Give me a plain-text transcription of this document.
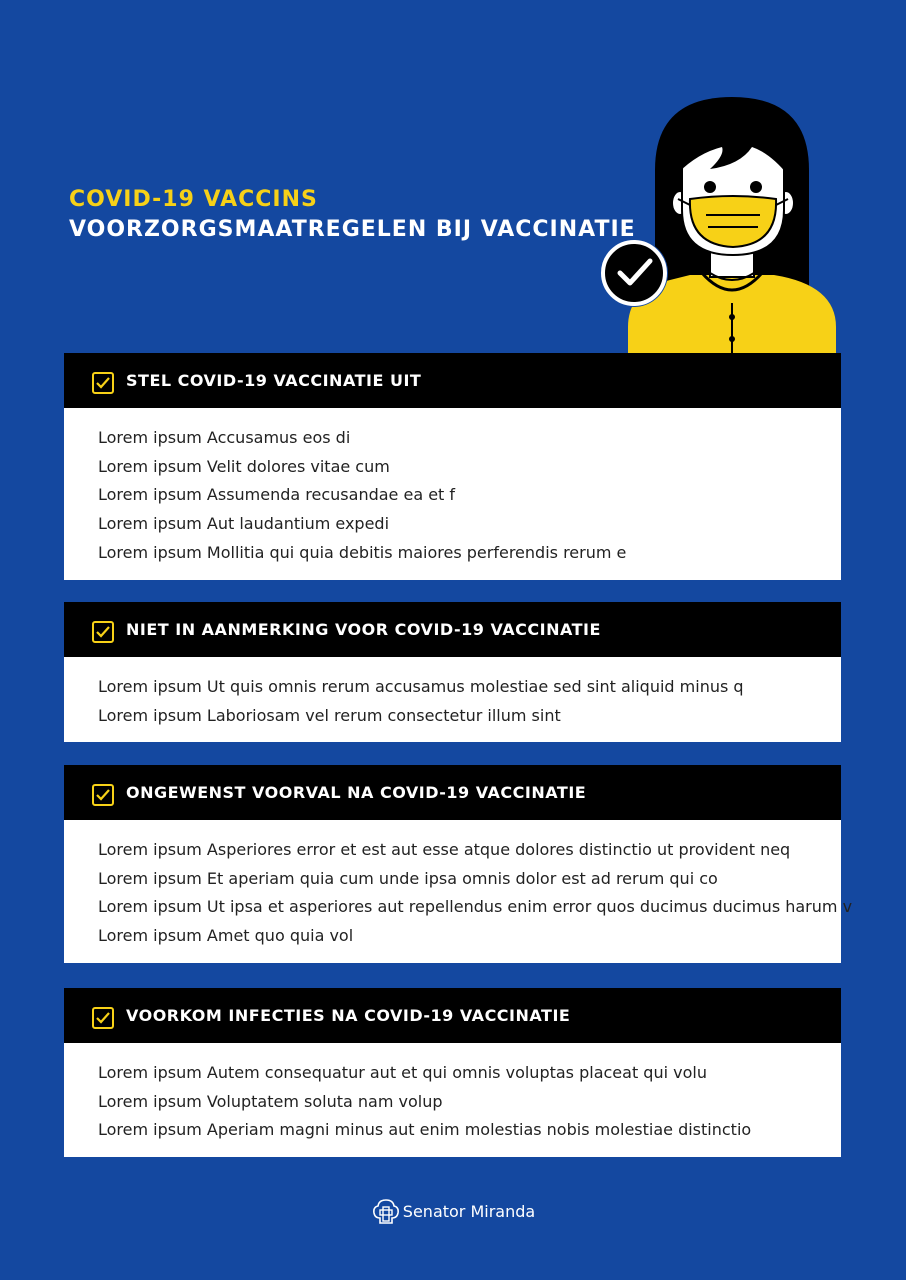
COVID-19 VACCINS
VOORZORGSMAATREGELEN BIJ VACCINATIE
STEL COVID-19 VACCINATIE UIT
Lorem ipsum Accusamus eos di
Lorem ipsum Velit dolores vitae cum
Lorem ipsum Assumenda recusandae ea et f
Lorem ipsum Aut laudantium expedi
Lorem ipsum Mollitia qui quia debitis maiores perferendis rerum e
NIET IN AANMERKING VOOR COVID-19 VACCINATIE
Lorem ipsum Ut quis omnis rerum accusamus molestiae sed sint aliquid minus q
Lorem ipsum Laboriosam vel rerum consectetur illum sint
ONGEWENST VOORVAL NA COVID-19 VACCINATIE
Lorem ipsum Asperiores error et est aut esse atque dolores distinctio ut provident neq
Lorem ipsum Et aperiam quia cum unde ipsa omnis dolor est ad rerum qui co
Lorem ipsum Ut ipsa et asperiores aut repellendus enim error quos ducimus ducimus harum v
Lorem ipsum Amet quo quia vol
VOORKOM INFECTIES NA COVID-19 VACCINATIE
Lorem ipsum Autem consequatur aut et qui omnis voluptas placeat qui volu
Lorem ipsum Voluptatem soluta nam volup
Lorem ipsum Aperiam magni minus aut enim molestias nobis molestiae distinctio
Senator Miranda
